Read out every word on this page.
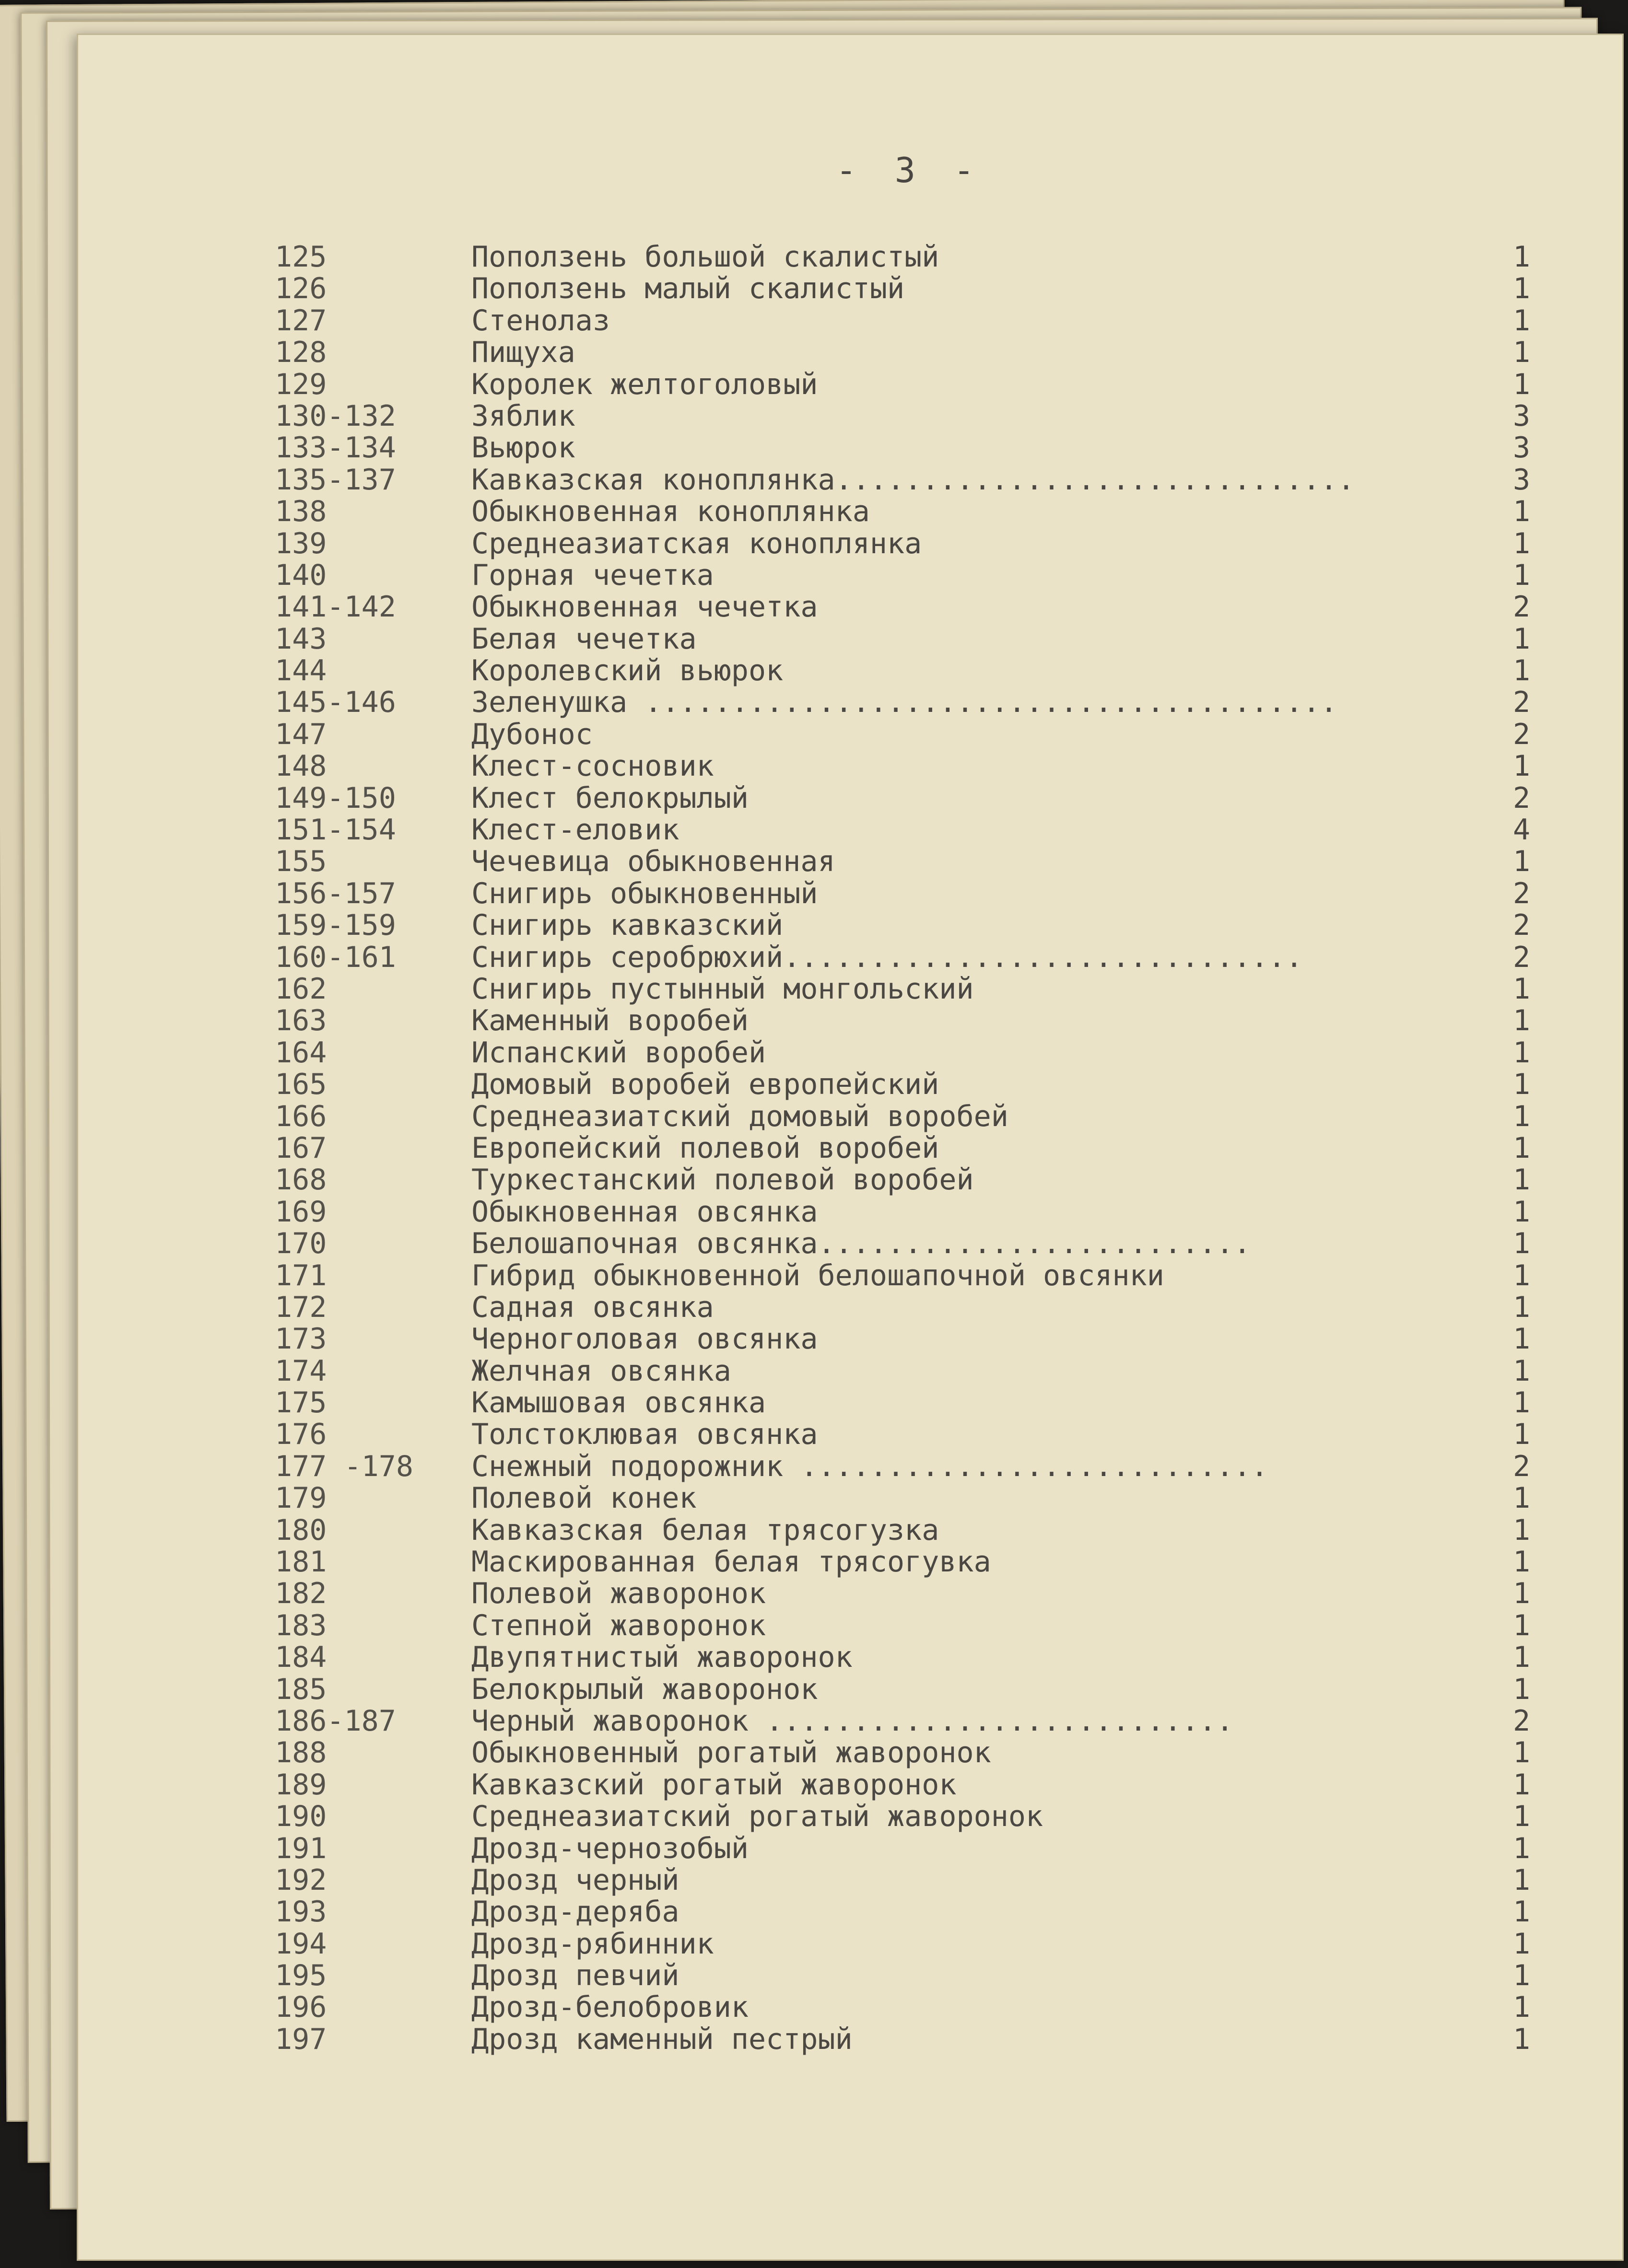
- 3 -
125	Поползень большой скалистый	1
126	Поползень малый скалистый	1
127	Стенолаз	1
128	Пищуха	1
129	Королек желтоголовый	1
130-132	Зяблик	3
133-134	Вьюрок	3
135-137	Кавказская коноплянка..............................	3
138	Обыкновенная коноплянка	1
139	Среднеазиатская коноплянка	1
140	Горная чечетка	1
141-142	Обыкновенная чечетка	2
143	Белая чечетка	1
144	Королевский вьюрок	1
145-146	Зеленушка ........................................	2
147	Дубонос	2
148	Клест-сосновик	1
149-150	Клест белокрылый	2
151-154	Клест-еловик	4
155	Чечевица обыкновенная	1
156-157	Снигирь обыкновенный	2
159-159	Снигирь кавказский	2
160-161	Снигирь серобрюхий..............................	2
162	Снигирь пустынный монгольский	1
163	Каменный воробей	1
164	Испанский воробей	1
165	Домовый воробей европейский	1
166	Среднеазиатский домовый воробей	1
167	Европейский полевой воробей	1
168	Туркестанский полевой воробей	1
169	Обыкновенная овсянка	1
170	Белошапочная овсянка.........................	1
171	Гибрид обыкновенной белошапочной овсянки	1
172	Садная овсянка	1
173	Черноголовая овсянка	1
174	Желчная овсянка	1
175	Камышовая овсянка	1
176	Толстоклювая овсянка	1
177 -178	Снежный подорожник ...........................	2
179	Полевой конек	1
180	Кавказская белая трясогузка	1
181	Маскированная белая трясогувка	1
182	Полевой жаворонок	1
183	Степной жаворонок	1
184	Двупятнистый жаворонок	1
185	Белокрылый жаворонок	1
186-187	Черный жаворонок ...........................	2
188	Обыкновенный рогатый жаворонок	1
189	Кавказский рогатый жаворонок	1
190	Среднеазиатский рогатый жаворонок	1
191	Дрозд-чернозобый	1
192	Дрозд черный	1
193	Дрозд-деряба	1
194	Дрозд-рябинник	1
195	Дрозд певчий	1
196	Дрозд-белобровик	1
197	Дрозд каменный пестрый	1
